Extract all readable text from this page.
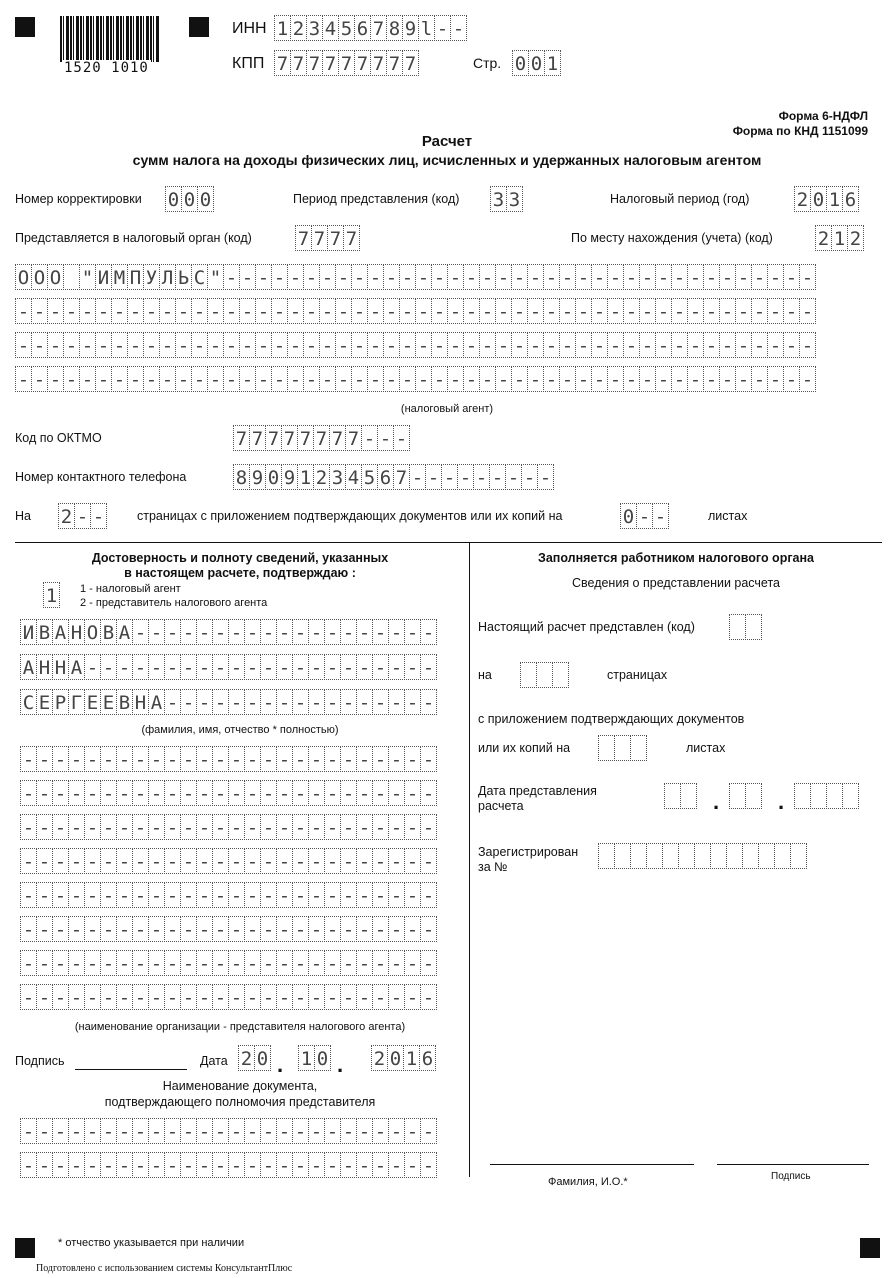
1520 1010
ИНН 1 2 3 4 5 6 7 8 9 l - -
КПП 7 7 7 7 7 7 7 7 7	Стр. 0 0 1
Форма 6-НДФЛ
Форма по КНД 1151099
Расчет
сумм налога на доходы физических лиц, исчисленных и удержанных налоговым агентом
Номер корректировки 0 0 0	Период представления (код) 3 3	Налоговый период (год) 2 0 1 6
Представляется в налоговый орган (код) 7 7 7 7	По месту нахождения (учета) (код) 2 1 2
О О О " И М П У Л Ь С " - - - - - - - - - - - - - - - - - - - - - - - - - - - - - - - - - - - - -
- - - - - - - - - - - - - - - - - - - - - - - - - - - - - - - - - - - - - - - - - - - - - - - - - -
- - - - - - - - - - - - - - - - - - - - - - - - - - - - - - - - - - - - - - - - - - - - - - - - - -
- - - - - - - - - - - - - - - - - - - - - - - - - - - - - - - - - - - - - - - - - - - - - - - - - -
(налоговый агент)
Код по ОКТМО	7 7 7 7 7 7 7 7 - - -
Номер контактного телефона	8 9 0 9 1 2 3 4 5 6 7 - - - - - - - - -
На 2 - -	страницах с приложением подтверждающих документов или их копий на	0 - -	листах
Достоверность и полноту сведений, указанных
в настоящем расчете, подтверждаю :
1 1 - налоговый агент
2 - представитель налогового агента
И В А Н О В А - - - - - - - - - - - - - - - - - - -
А Н Н А - - - - - - - - - - - - - - - - - - - - - -
С Е Р Г Е Е В Н А - - - - - - - - - - - - - - - - -
(фамилия, имя, отчество * полностью)
- - - - - - - - - - - - - - - - - - - - - - - - - -
- - - - - - - - - - - - - - - - - - - - - - - - - -
- - - - - - - - - - - - - - - - - - - - - - - - - -
- - - - - - - - - - - - - - - - - - - - - - - - - -
- - - - - - - - - - - - - - - - - - - - - - - - - -
- - - - - - - - - - - - - - - - - - - - - - - - - -
- - - - - - - - - - - - - - - - - - - - - - - - - -
- - - - - - - - - - - - - - - - - - - - - - - - - -
(наименование организации - представителя налогового агента)
Подпись	Дата 2 0 . 1 0 . 2 0 1 6
Наименование документа,
подтверждающего полномочия представителя
- - - - - - - - - - - - - - - - - - - - - - - - - -
- - - - - - - - - - - - - - - - - - - - - - - - - -
Заполняется работником налогового органа
Сведения о представлении расчета
Настоящий расчет представлен (код)
на	страницах
с приложением подтверждающих документов
или их копий на	листах
Дата представления
расчета	.	.
Зарегистрирован
за №
Фамилия, И.О.*	Подпись
* отчество указывается при наличии
Подготовлено с использованием системы КонсультантПлюс
